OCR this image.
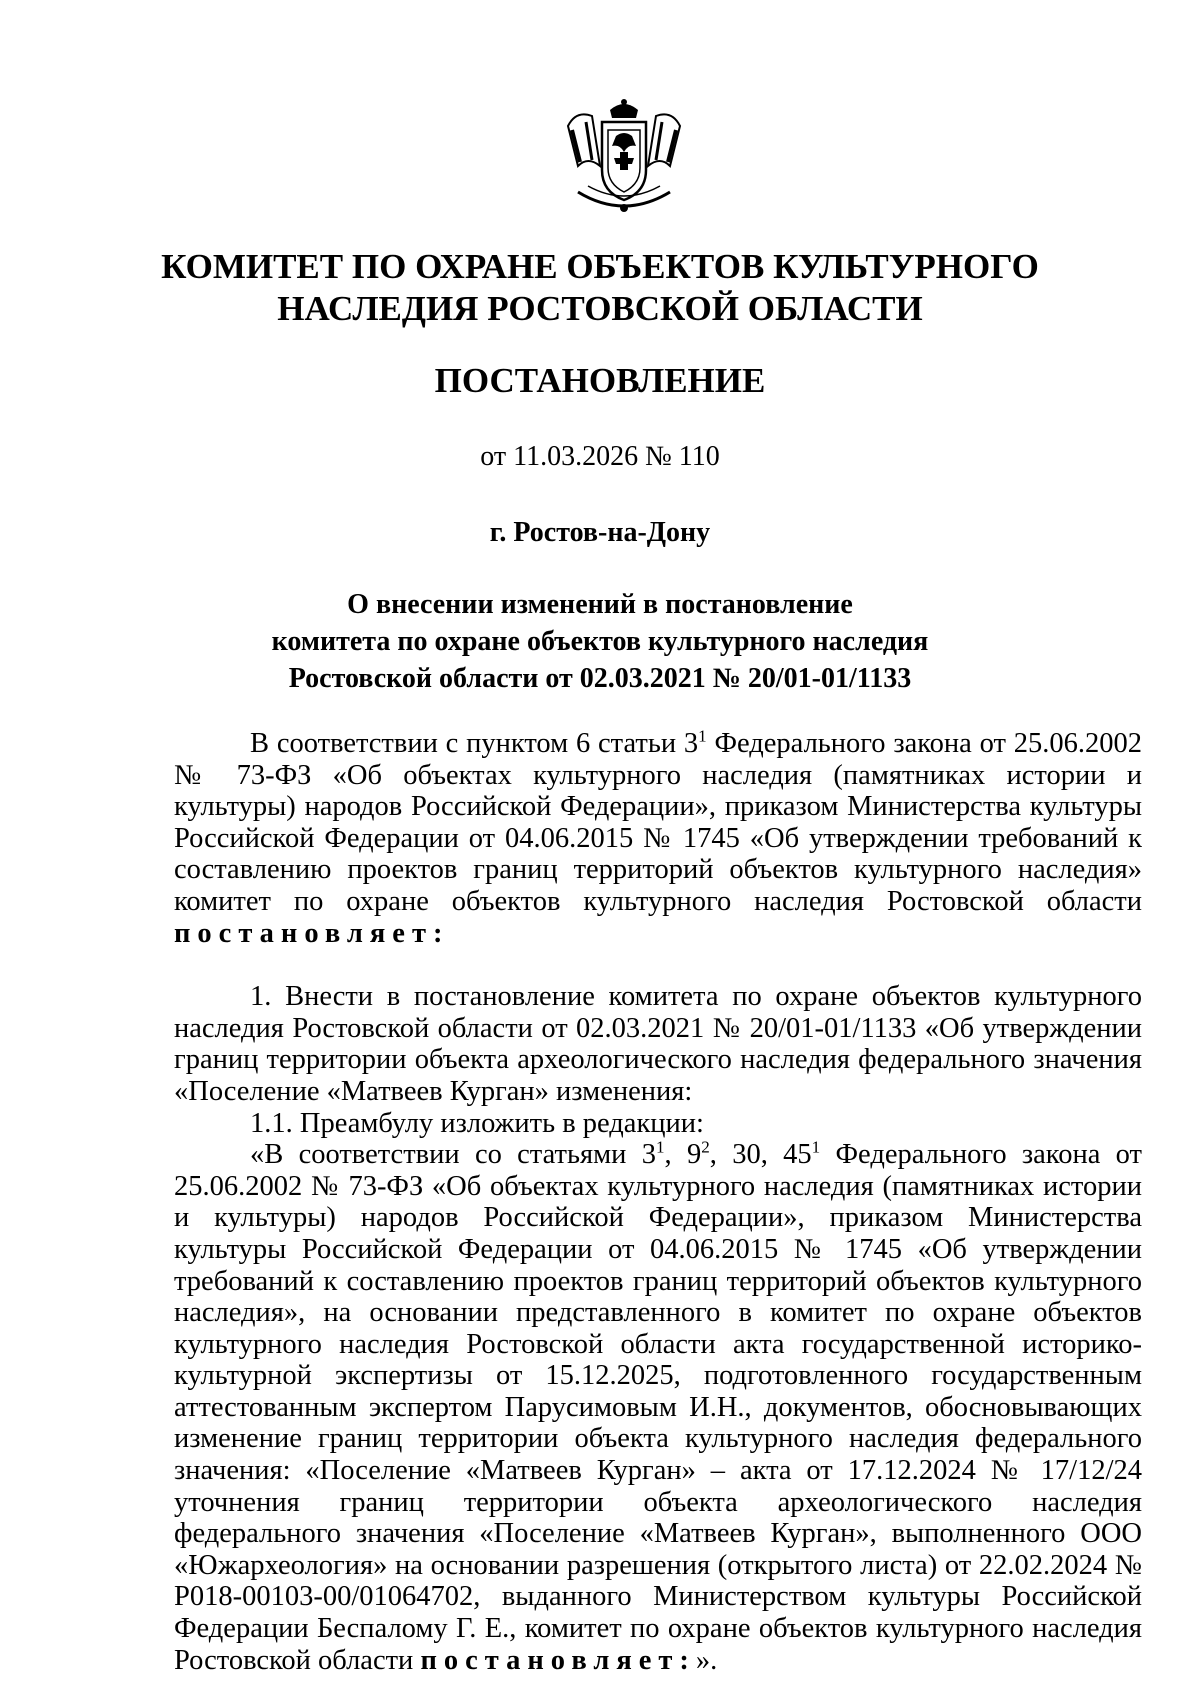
КОМИТЕТ ПО ОХРАНЕ ОБЪЕКТОВ КУЛЬТУРНОГО
НАСЛЕДИЯ РОСТОВСКОЙ ОБЛАСТИ
ПОСТАНОВЛЕНИЕ
от 11.03.2026 № 110
г. Ростов-на-Дону
О внесении изменений в постановление
комитета по охране объектов культурного наследия
Ростовской области от 02.03.2021 № 20/01-01/1133

В соответствии с пунктом 6 статьи $3^1$ Федерального закона от 25.06.2002 № 73-ФЗ «Об объектах культурного наследия (памятниках истории и культуры) народов Российской Федерации», приказом Министерства культуры Российской Федерации от 04.06.2015 № 1745 «Об утверждении требований к составлению проектов границ территорий объектов культурного наследия» комитет по охране объектов культурного наследия Ростовской области постановляет:

1. Внести в постановление комитета по охране объектов культурного наследия Ростовской области от 02.03.2021 № 20/01-01/1133 «Об утверждении границ территории объекта археологического наследия федерального значения «Поселение «Матвеев Курган» изменения:

1.1. Преамбулу изложить в редакции:

«В соответствии со статьями $3^1$, $9^2$, 30, $45^1$ Федерального закона от 25.06.2002 № 73-ФЗ «Об объектах культурного наследия (памятниках истории и культуры) народов Российской Федерации», приказом Министерства культуры Российской Федерации от 04.06.2015 № 1745 «Об утверждении требований к составлению проектов границ территорий объектов культурного наследия», на основании представленного в комитет по охране объектов культурного наследия Ростовской области акта государственной историко-культурной экспертизы от 15.12.2025, подготовленного государственным аттестованным экспертом Парусимовым И.Н., документов, обосновывающих изменение границ территории объекта культурного наследия федерального значения: «Поселение «Матвеев Курган» – акта от 17.12.2024 № 17/12/24 уточнения границ территории объекта археологического наследия федерального значения «Поселение «Матвеев Курган», выполненного ООО «Южархеология» на основании разрешения (открытого листа) от 22.02.2024 № Р018-00103-00/01064702, выданного Министерством культуры Российской Федерации Беспалому Г. Е., комитет по охране объектов культурного наследия Ростовской области постановляет:».
